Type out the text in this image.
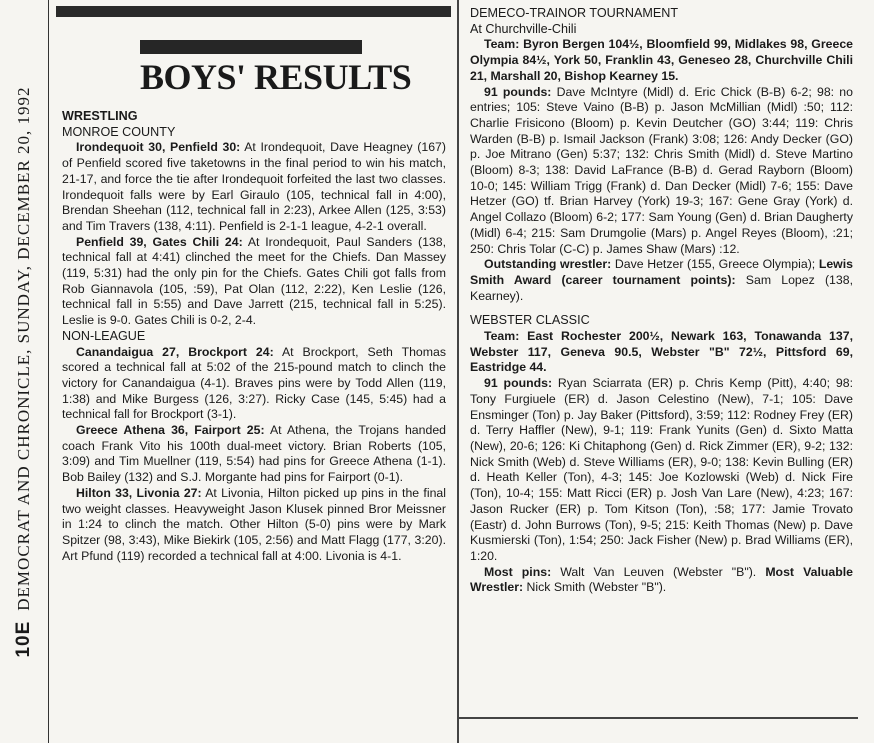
10EDEMOCRAT AND CHRONICLE, SUNDAY, DECEMBER 20, 1992
BOYS' RESULTS

WRESTLING

MONROE COUNTY

Irondequoit 30, Penfield 30: At Irondequoit, Dave Heagney (167) of Penfield scored five taketowns in the final period to win his match, 21-17, and force the tie after Irondequoit forfeited the last two classes. Irondequoit falls were by Earl Giraulo (105, technical fall in 4:00), Brendan Sheehan (112, technical fall in 2:23), Arkee Allen (125, 3:53) and Tim Travers (138, 4:11). Penfield is 2-1-1 league, 4-2-1 overall.

Penfield 39, Gates Chili 24: At Irondequoit, Paul Sanders (138, technical fall at 4:41) clinched the meet for the Chiefs. Dan Massey (119, 5:31) had the only pin for the Chiefs. Gates Chili got falls from Rob Giannavola (105, :59), Pat Olan (112, 2:22), Ken Leslie (126, technical fall in 5:55) and Dave Jarrett (215, technical fall in 5:25). Leslie is 9-0. Gates Chili is 0-2, 2-4.

NON-LEAGUE

Canandaigua 27, Brockport 24: At Brockport, Seth Thomas scored a technical fall at 5:02 of the 215-pound match to clinch the victory for Canandaigua (4-1). Braves pins were by Todd Allen (119, 1:38) and Mike Burgess (126, 3:27). Ricky Case (145, 5:45) had a technical fall for Brockport (3-1).

Greece Athena 36, Fairport 25: At Athena, the Trojans handed coach Frank Vito his 100th dual-meet victory. Brian Roberts (105, 3:09) and Tim Muellner (119, 5:54) had pins for Greece Athena (1-1). Bob Bailey (132) and S.J. Morgante had pins for Fairport (0-1).

Hilton 33, Livonia 27: At Livonia, Hilton picked up pins in the final two weight classes. Heavyweight Jason Klusek pinned Bror Meissner in 1:24 to clinch the match. Other Hilton (5-0) pins were by Mark Spitzer (98, 3:43), Mike Biekirk (105, 2:56) and Matt Flagg (177, 3:20). Art Pfund (119) recorded a technical fall at 4:00. Livonia is 4-1.

DEMECO-TRAINOR TOURNAMENT

At Churchville-Chili

Team: Byron Bergen 104½, Bloomfield 99, Midlakes 98, Greece Olympia 84½, York 50, Franklin 43, Geneseo 28, Churchville Chili 21, Marshall 20, Bishop Kearney 15.

91 pounds: Dave McIntyre (Midl) d. Eric Chick (B-B) 6-2; 98: no entries; 105: Steve Vaino (B-B) p. Jason McMillian (Midl) :50; 112: Charlie Frisicono (Bloom) p. Kevin Deutcher (GO) 3:44; 119: Chris Warden (B-B) p. Ismail Jackson (Frank) 3:08; 126: Andy Decker (GO) p. Joe Mitrano (Gen) 5:37; 132: Chris Smith (Midl) d. Steve Martino (Bloom) 8-3; 138: David LaFrance (B-B) d. Gerad Rayborn (Bloom) 10-0; 145: William Trigg (Frank) d. Dan Decker (Midl) 7-6; 155: Dave Hetzer (GO) tf. Brian Harvey (York) 19-3; 167: Gene Gray (York) d. Angel Collazo (Bloom) 6-2; 177: Sam Young (Gen) d. Brian Daugherty (Midl) 6-4; 215: Sam Drumgolie (Mars) p. Angel Reyes (Bloom), :21; 250: Chris Tolar (C-C) p. James Shaw (Mars) :12.

Outstanding wrestler: Dave Hetzer (155, Greece Olympia); Lewis Smith Award (career tournament points): Sam Lopez (138, Kearney).

WEBSTER CLASSIC

Team: East Rochester 200½, Newark 163, Tonawanda 137, Webster 117, Geneva 90.5, Webster "B" 72½, Pittsford 69, Eastridge 44.

91 pounds: Ryan Sciarrata (ER) p. Chris Kemp (Pitt), 4:40; 98: Tony Furgiuele (ER) d. Jason Celestino (New), 7-1; 105: Dave Ensminger (Ton) p. Jay Baker (Pittsford), 3:59; 112: Rodney Frey (ER) d. Terry Haffler (New), 9-1; 119: Frank Yunits (Gen) d. Sixto Matta (New), 20-6; 126: Ki Chitaphong (Gen) d. Rick Zimmer (ER), 9-2; 132: Nick Smith (Web) d. Steve Williams (ER), 9-0; 138: Kevin Bulling (ER) d. Heath Keller (Ton), 4-3; 145: Joe Kozlowski (Web) d. Nick Fire (Ton), 10-4; 155: Matt Ricci (ER) p. Josh Van Lare (New), 4:23; 167: Jason Rucker (ER) p. Tom Kitson (Ton), :58; 177: Jamie Trovato (Eastr) d. John Burrows (Ton), 9-5; 215: Keith Thomas (New) p. Dave Kusmierski (Ton), 1:54; 250: Jack Fisher (New) p. Brad Williams (ER), 1:20.

Most pins: Walt Van Leuven (Webster "B"). Most Valuable Wrestler: Nick Smith (Webster "B").
